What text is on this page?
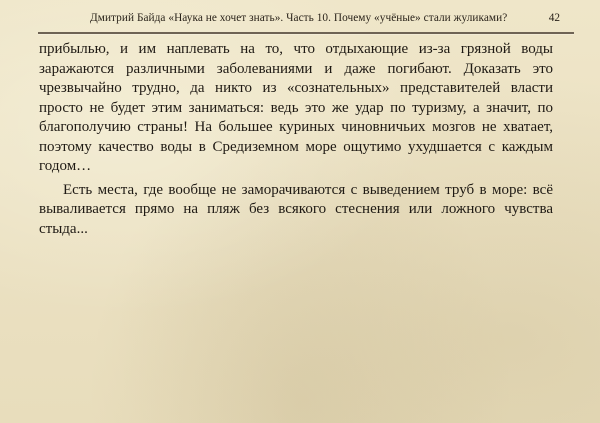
Дмитрий Байда «Наука не хочет знать». Часть 10. Почему «учёные» стали жуликами?	42

прибылью, и им наплевать на то, что отдыхающие из-за грязной воды заражаются различными заболеваниями и даже погибают. Доказать это чрезвычайно трудно, да никто из «сознательных» представителей власти просто не будет этим заниматься: ведь это же удар по туризму, а значит, по благополучию страны! На большее куриных чиновничьих мозгов не хватает, поэтому качество воды в Средиземном море ощутимо ухудшается с каждым годом…

Есть места, где вообще не заморачиваются с выведением труб в море: всё вываливается прямо на пляж без всякого стеснения или ложного чувства стыда...
